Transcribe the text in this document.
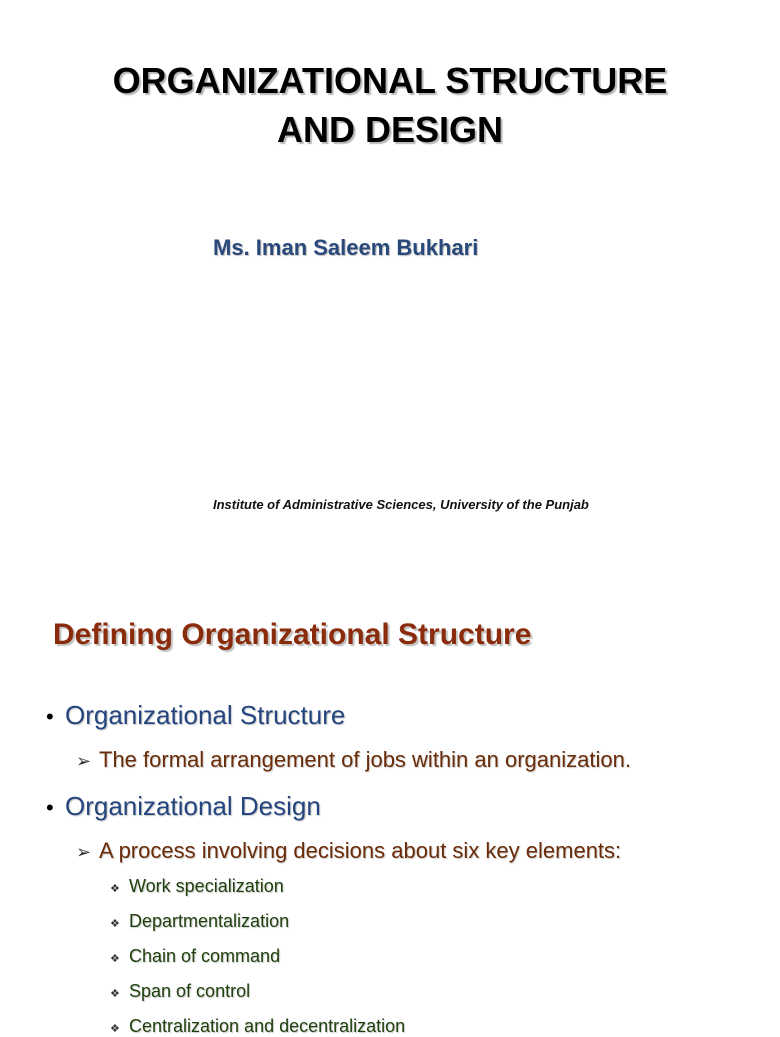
ORGANIZATIONAL STRUCTURE
AND DESIGN
Ms. Iman Saleem Bukhari
Institute of Administrative Sciences, University of the Punjab
Defining Organizational Structure
• Organizational Structure
➢ The formal arrangement of jobs within an organization.
• Organizational Design
➢ A process involving decisions about six key elements:
❖ Work specialization
❖ Departmentalization
❖ Chain of command
❖ Span of control
❖ Centralization and decentralization
